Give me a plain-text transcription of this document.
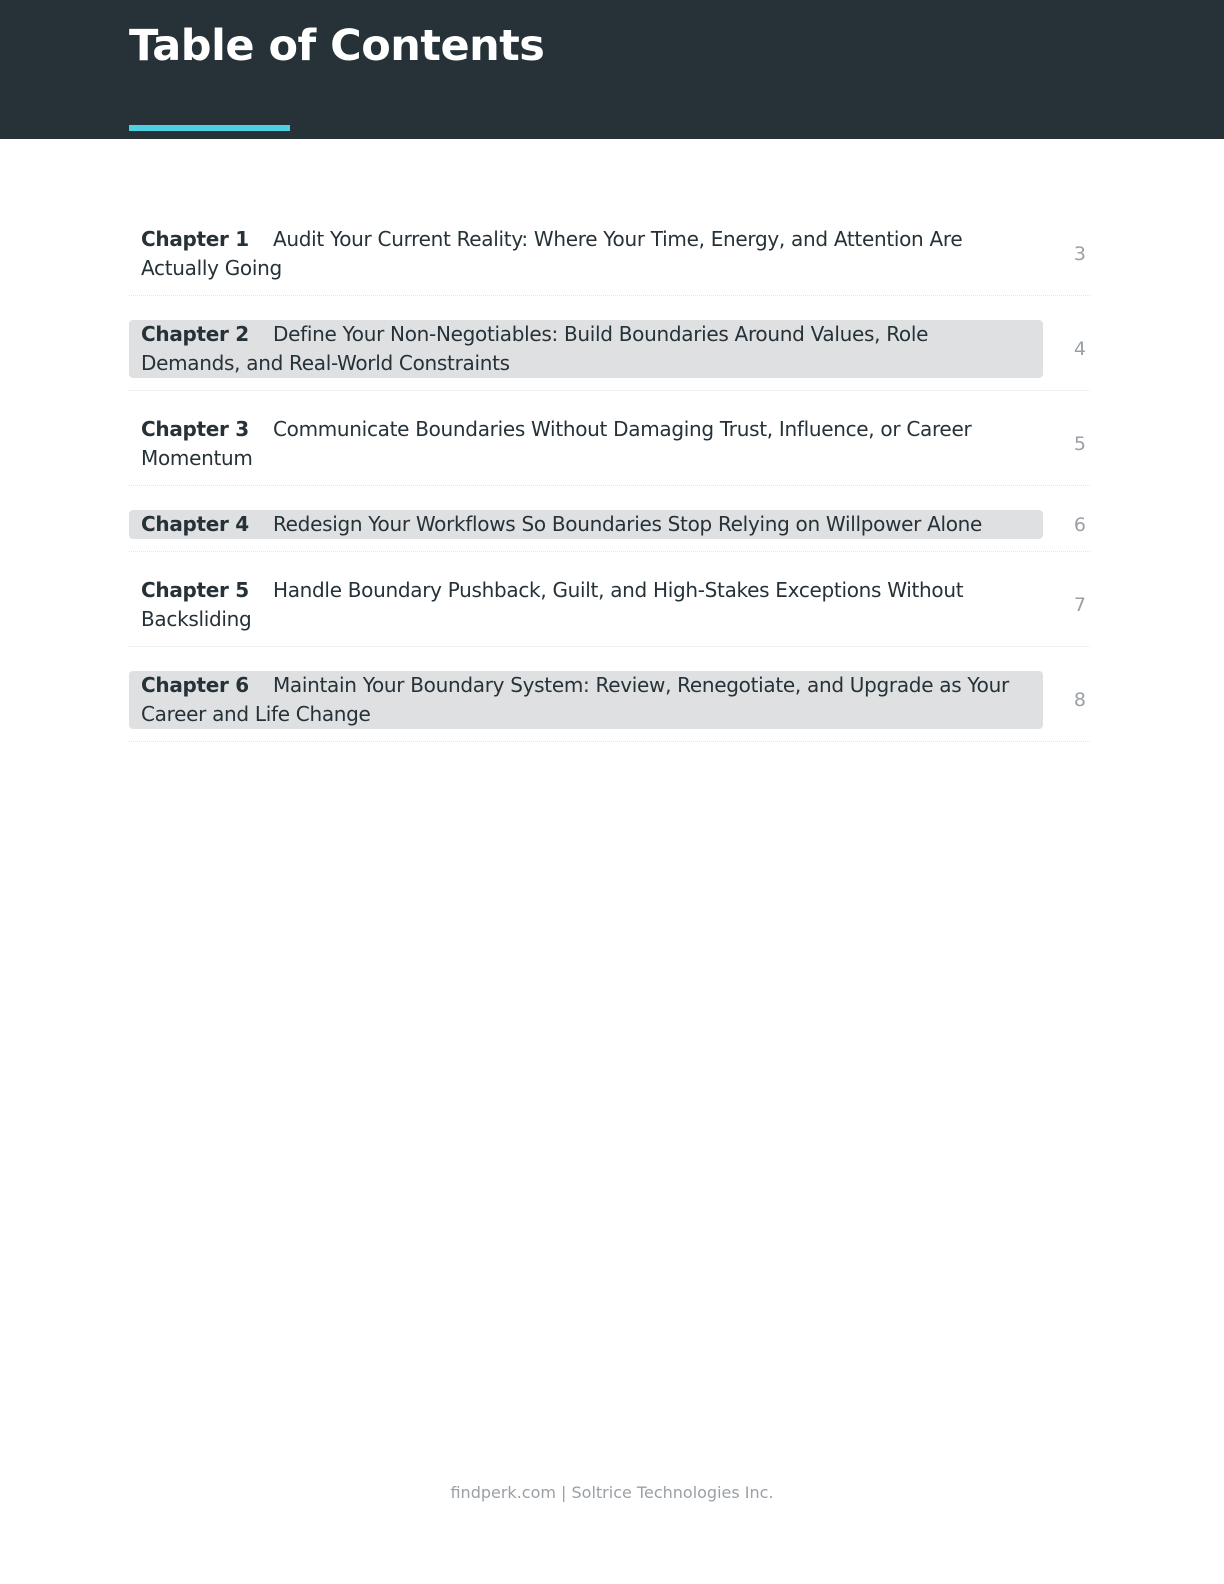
Table of Contents
Chapter 1 Audit Your Current Reality: Where Your Time, Energy, and Attention Are Actually Going
3
Chapter 2 Define Your Non-Negotiables: Build Boundaries Around Values, Role Demands, and Real-World Constraints
4
Chapter 3 Communicate Boundaries Without Damaging Trust, Influence, or Career Momentum
5
Chapter 4 Redesign Your Workflows So Boundaries Stop Relying on Willpower Alone	6
Chapter 5 Handle Boundary Pushback, Guilt, and High-Stakes Exceptions Without Backsliding
7
Chapter 6 Maintain Your Boundary System: Review, Renegotiate, and Upgrade as Your Career and Life Change
8
findperk.com | Soltrice Technologies Inc.
